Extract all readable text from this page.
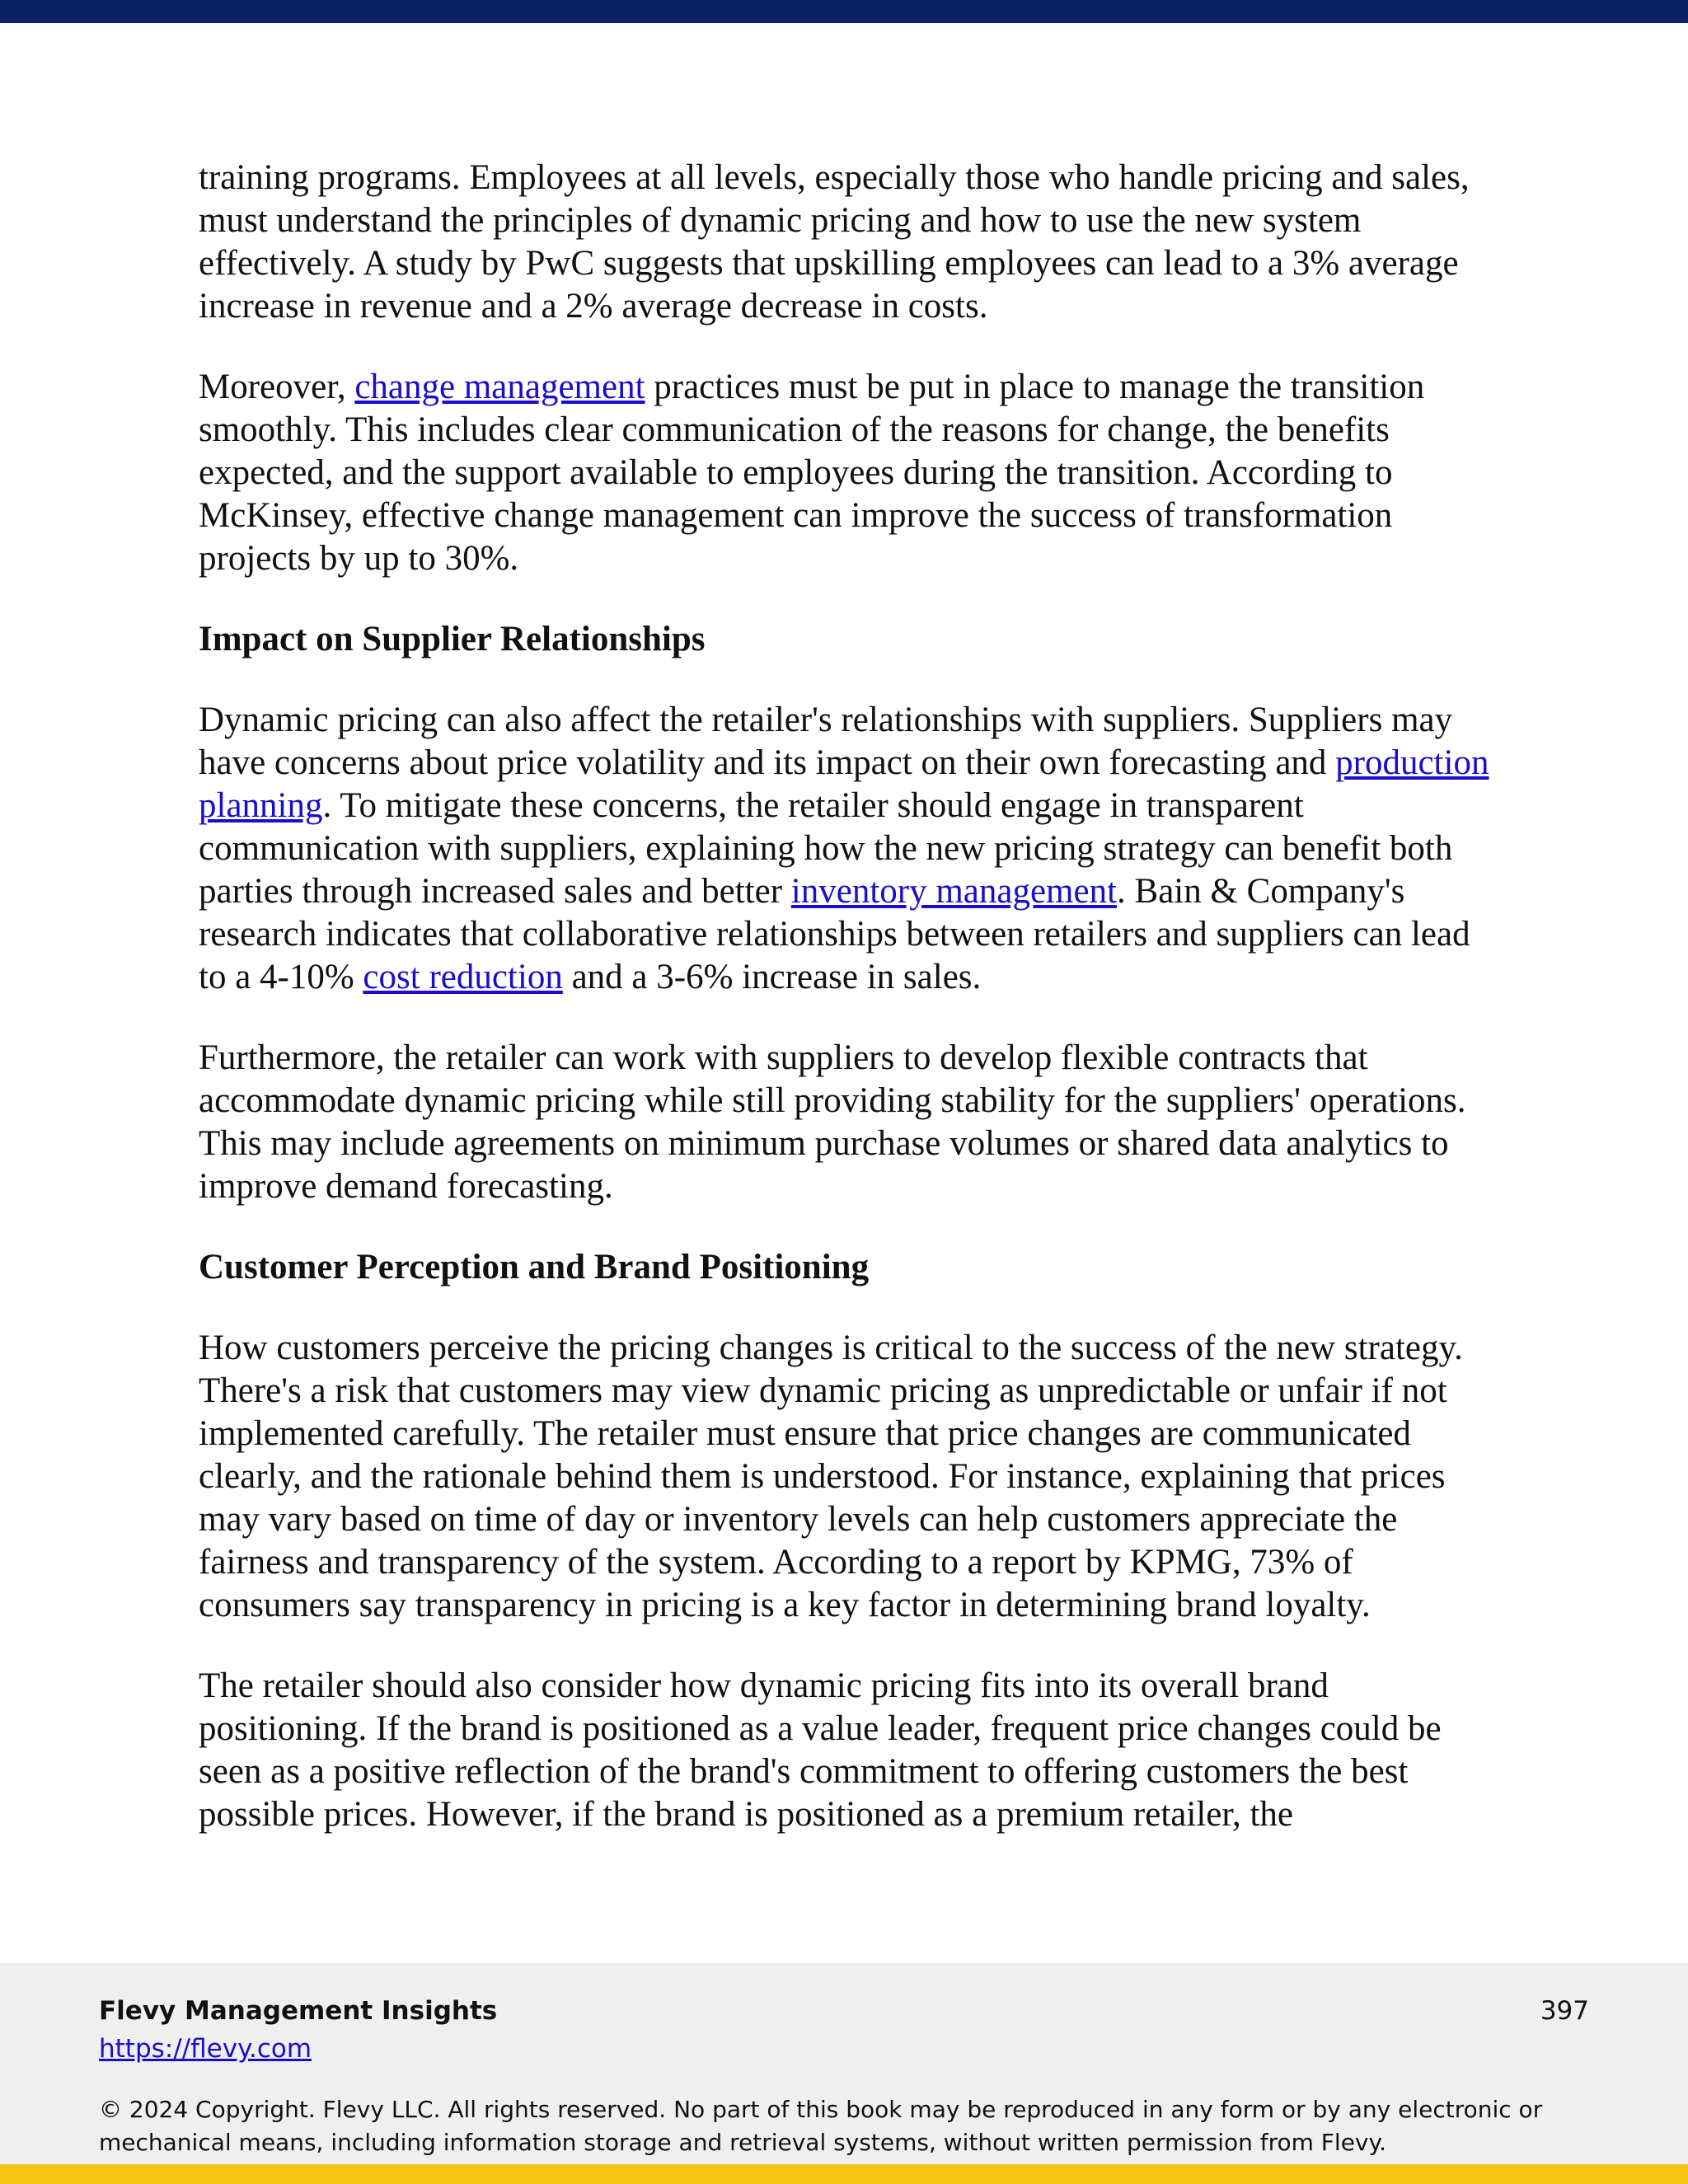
training programs. Employees at all levels, especially those who handle pricing and sales, must understand the principles of dynamic pricing and how to use the new system effectively. A study by PwC suggests that upskilling employees can lead to a 3% average increase in revenue and a 2% average decrease in costs.

Moreover, change management practices must be put in place to manage the transition smoothly. This includes clear communication of the reasons for change, the benefits expected, and the support available to employees during the transition. According to McKinsey, effective change management can improve the success of transformation projects by up to 30%.

Impact on Supplier Relationships

Dynamic pricing can also affect the retailer's relationships with suppliers. Suppliers may have concerns about price volatility and its impact on their own forecasting and production planning. To mitigate these concerns, the retailer should engage in transparent communication with suppliers, explaining how the new pricing strategy can benefit both parties through increased sales and better inventory management. Bain & Company's research indicates that collaborative relationships between retailers and suppliers can lead to a 4-10% cost reduction and a 3-6% increase in sales.

Furthermore, the retailer can work with suppliers to develop flexible contracts that accommodate dynamic pricing while still providing stability for the suppliers' operations. This may include agreements on minimum purchase volumes or shared data analytics to improve demand forecasting.

Customer Perception and Brand Positioning

How customers perceive the pricing changes is critical to the success of the new strategy. There's a risk that customers may view dynamic pricing as unpredictable or unfair if not implemented carefully. The retailer must ensure that price changes are communicated clearly, and the rationale behind them is understood. For instance, explaining that prices may vary based on time of day or inventory levels can help customers appreciate the fairness and transparency of the system. According to a report by KPMG, 73% of consumers say transparency in pricing is a key factor in determining brand loyalty.

The retailer should also consider how dynamic pricing fits into its overall brand positioning. If the brand is positioned as a value leader, frequent price changes could be seen as a positive reflection of the brand's commitment to offering customers the best possible prices. However, if the brand is positioned as a premium retailer, the

Flevy Management Insights
https://flevy.com
397
© 2024 Copyright. Flevy LLC. All rights reserved. No part of this book may be reproduced in any form or by any electronic or mechanical means, including information storage and retrieval systems, without written permission from Flevy.
